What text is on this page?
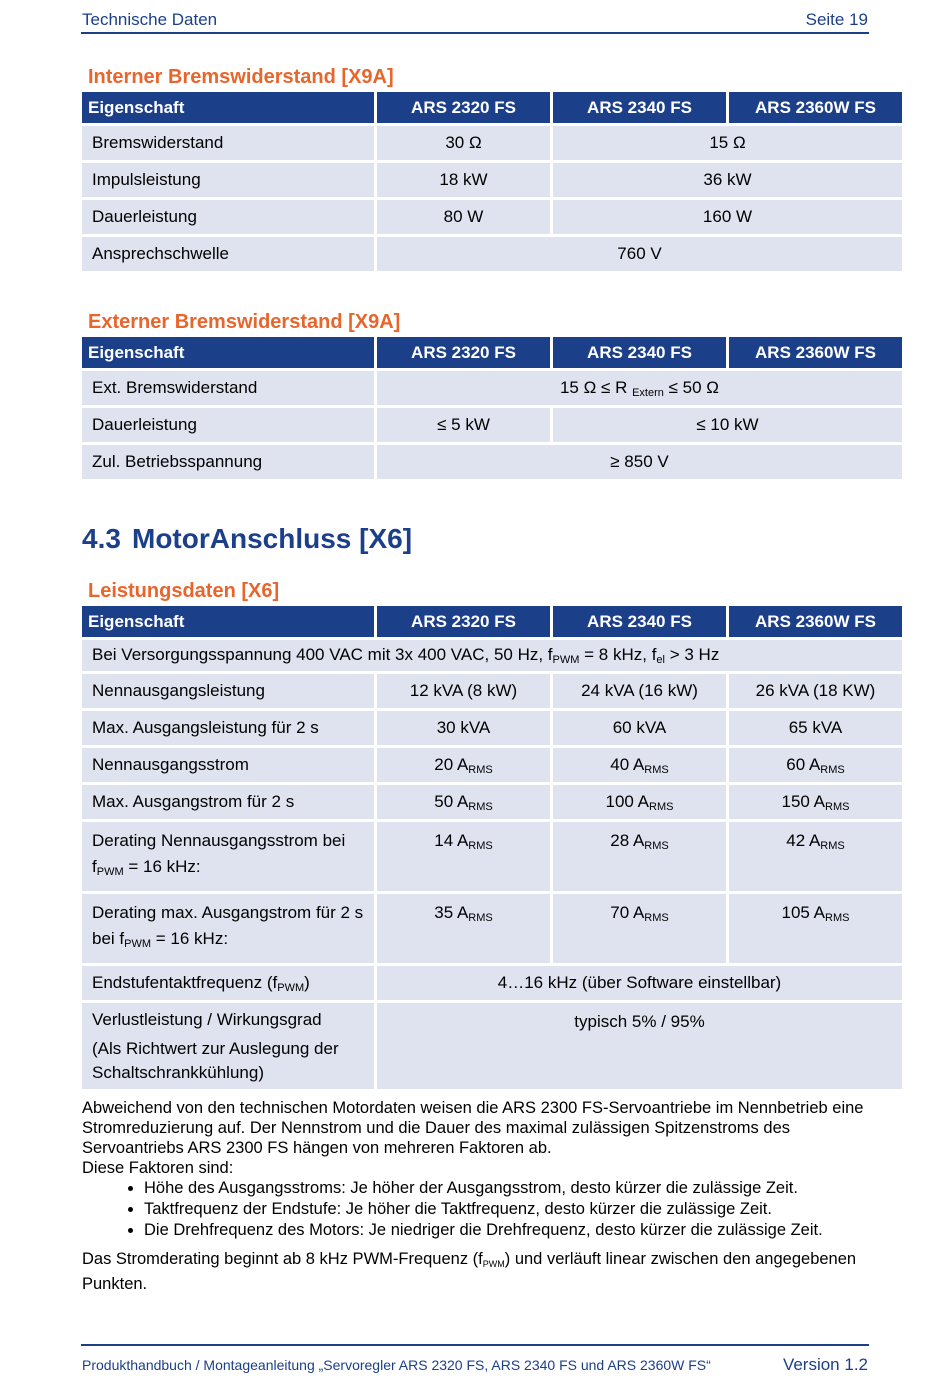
Technische Daten	Seite 19
Interner Bremswiderstand [X9A]
Eigenschaft	ARS 2320 FS	ARS 2340 FS	ARS 2360W FS
Bremswiderstand	30 Ω	15 Ω	
Impulsleistung	18 kW	36 kW	
Dauerleistung	80 W	160 W	
Ansprechschwelle	760 V		
Externer Bremswiderstand [X9A]
Eigenschaft	ARS 2320 FS	ARS 2340 FS	ARS 2360W FS
Ext. Bremswiderstand	15 Ω ≤ R $_{Extern}$ ≤ 50 Ω		
Dauerleistung	≤ 5 kW	≤ 10 kW	
Zul. Betriebsspannung	≥ 850 V		
4.3 MotorAnschluss [X6]
Leistungsdaten [X6]
Eigenschaft	ARS 2320 FS	ARS 2340 FS	ARS 2360W FS
Bei Versorgungsspannung 400 VAC mit 3x 400 VAC, 50 Hz, $f_{PWM} = 8$ kHz, $f_{el} > 3$ Hz			
Nennausgangsleistung	12 kVA (8 kW)	24 kVA (16 kW)	26 kVA (18 KW)
Max. Ausgangsleistung für 2 s	30 kVA	60 kVA	65 kVA
Nennausgangsstrom	20 $A_{RMS}$	40 $A_{RMS}$	60 $A_{RMS}$
Max. Ausgangstrom für 2 s	50 $A_{RMS}$	100 $A_{RMS}$	150 $A_{RMS}$
Derating Nennausgangsstrom bei $f_{PWM} = 16$ kHz:	14 $A_{RMS}$	28 $A_{RMS}$	42 $A_{RMS}$
Derating max. Ausgangstrom für 2 s bei $f_{PWM} = 16$ kHz:	35 $A_{RMS}$	70 $A_{RMS}$	105 $A_{RMS}$
Endstufentaktfrequenz $(f_{PWM})$	4…16 kHz (über Software einstellbar)		

Verlustleistung / Wirkungsgrad
(Als Richtwert zur Auslegung der Schaltschrankkühlung)	typisch 5% / 95%		
Abweichend von den technischen Motordaten weisen die ARS 2300 FS-Servoantriebe im Nennbetrieb eine Stromreduzierung auf. Der Nennstrom und die Dauer des maximal zulässigen Spitzenstroms des Servoantriebs ARS 2300 FS hängen von mehreren Faktoren ab.
Diese Faktoren sind:
• Höhe des Ausgangsstroms: Je höher der Ausgangsstrom, desto kürzer die zulässige Zeit.
• Taktfrequenz der Endstufe: Je höher die Taktfrequenz, desto kürzer die zulässige Zeit.
• Die Drehfrequenz des Motors: Je niedriger die Drehfrequenz, desto kürzer die zulässige Zeit.
Das Stromderating beginnt ab 8 kHz PWM-Frequenz $(f_{PWM})$ und verläuft linear zwischen den angegebenen Punkten.
Produkthandbuch / Montageanleitung „Servoregler ARS 2320 FS, ARS 2340 FS und ARS 2360W FS“	Version 1.2
